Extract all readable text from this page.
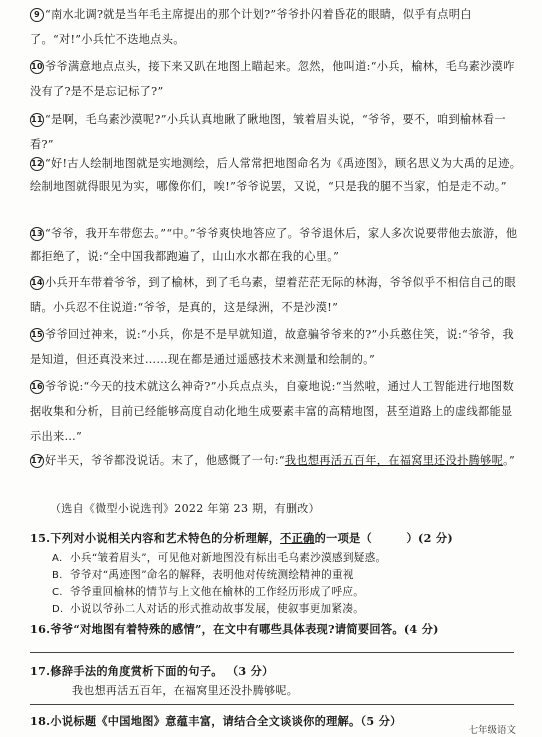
9 “南水北调?就是当年毛主席提出的那个计划?”爷爷扑闪着昏花的眼睛，似乎有点明白了。“对!”小兵忙不迭地点头。
10 爷爷满意地点点头，接下来又趴在地图上瞄起来。忽然，他叫道:“小兵，榆林，毛乌素沙漠咋没有了?是不是忘记标了?”
11 “是啊，毛乌素沙漠呢?”小兵认真地瞅了瞅地图，皱着眉头说，“爷爷，要不，咱到榆林看一看?”
12 “好!古人绘制地图就是实地测绘，后人常常把地图命名为《禹迹图》，顾名思义为大禹的足迹。绘制地图就得眼见为实，哪像你们，唉!”爷爷说罢，又说，“只是我的腿不当家，怕是走不动。”
13 “爷爷，我开车带您去。”“中。”爷爷爽快地答应了。爷爷退休后，家人多次说要带他去旅游，他都拒绝了，说:“全中国我都跑遍了，山山水水都在我的心里。”
14 小兵开车带着爷爷，到了榆林，到了毛乌素，望着茫茫无际的林海，爷爷似乎不相信自己的眼睛。小兵忍不住说道:“爷爷，是真的，这是绿洲，不是沙漠!”
15 爷爷回过神来，说:“小兵，你是不是早就知道，故意骗爷爷来的?”小兵憨住笑，说:“爷爷，我是知道，但还真没来过……现在都是通过遥感技术来测量和绘制的。”
16 爷爷说:“今天的技术就这么神奇?”小兵点点头，自豪地说:“当然啦，通过人工智能进行地图数据收集和分析，目前已经能够高度自动化地生成要素丰富的高精地图，甚至道路上的虚线都能显示出来…”
17 好半天，爷爷都没说话。末了，他感慨了一句:“我也想再活五百年，在福窝里还没扑腾够呢。”
（选自《微型小说选刊》2022 年第 23 期，有删改）
15.下列对小说相关内容和艺术特色的分析理解，不正确的一项是（　　　）(2 分)
A. 小兵“皱着眉头”，可见他对新地图没有标出毛乌素沙漠感到疑惑。
B. 爷爷对“禹迹图”命名的解释，表明他对传统测绘精神的重视
C. 爷爷重回榆林的情节与上文他在榆林的工作经历形成了呼应。
D. 小说以爷孙二人对话的形式推动故事发展，使叙事更加紧凑。
16.爷爷“对地图有着特殊的感情”，在文中有哪些具体表现?请简要回答。(4 分)
17.修辞手法的角度赏析下面的句子。 （3 分）
我也想再活五百年，在福窝里还没扑腾够呢。
18.小说标题《中国地图》意蕴丰富，请结合全文谈谈你的理解。（5 分）
七年级语文
